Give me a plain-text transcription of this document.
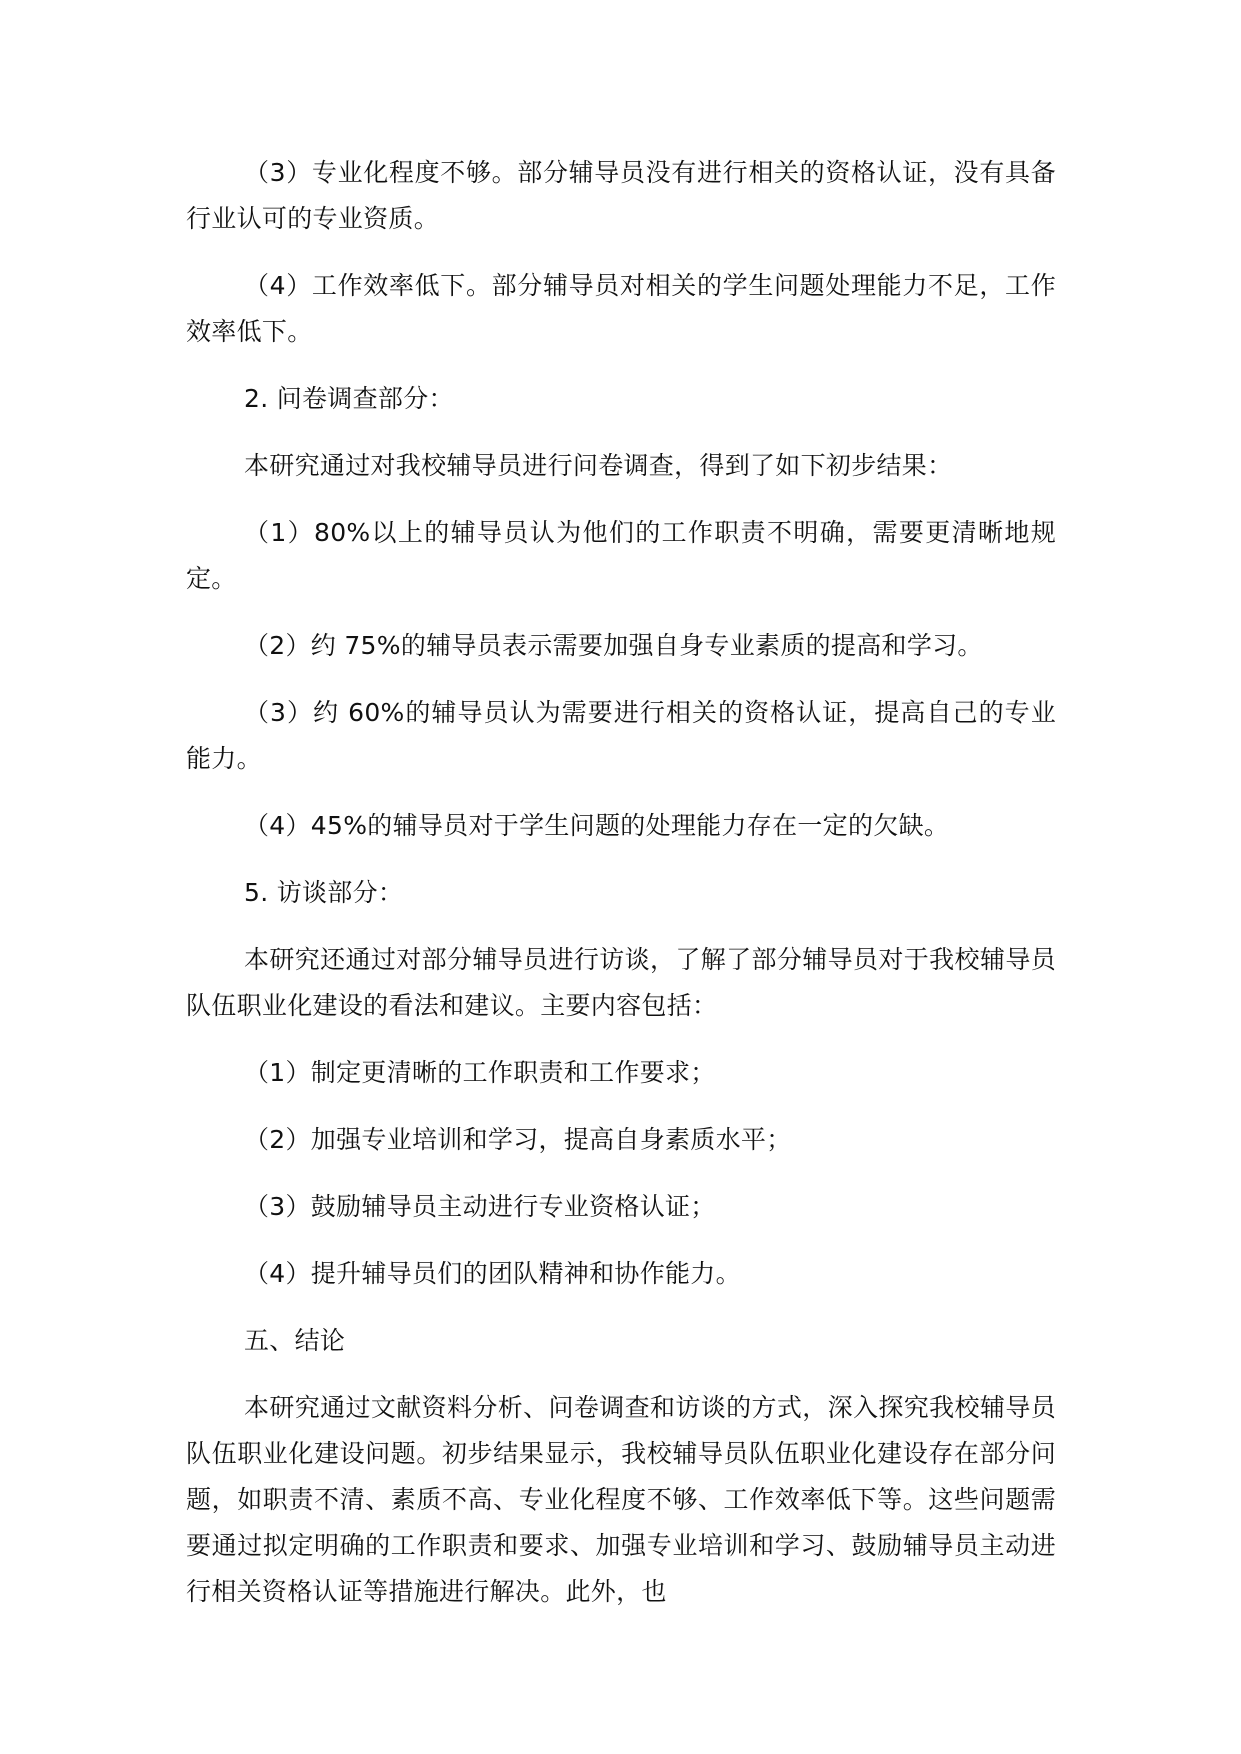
（3）专业化程度不够。部分辅导员没有进行相关的资格认证，没有具备行业认可的专业资质。

（4）工作效率低下。部分辅导员对相关的学生问题处理能力不足，工作效率低下。

2. 问卷调查部分：

本研究通过对我校辅导员进行问卷调查，得到了如下初步结果：

（1）80%以上的辅导员认为他们的工作职责不明确，需要更清晰地规定。

（2）约 75%的辅导员表示需要加强自身专业素质的提高和学习。

（3）约 60%的辅导员认为需要进行相关的资格认证，提高自己的专业能力。

（4）45%的辅导员对于学生问题的处理能力存在一定的欠缺。

5. 访谈部分：

本研究还通过对部分辅导员进行访谈，了解了部分辅导员对于我校辅导员队伍职业化建设的看法和建议。主要内容包括：

（1）制定更清晰的工作职责和工作要求；

（2）加强专业培训和学习，提高自身素质水平；

（3）鼓励辅导员主动进行专业资格认证；

（4）提升辅导员们的团队精神和协作能力。

五、结论

本研究通过文献资料分析、问卷调查和访谈的方式，深入探究我校辅导员队伍职业化建设问题。初步结果显示，我校辅导员队伍职业化建设存在部分问题，如职责不清、素质不高、专业化程度不够、工作效率低下等。这些问题需要通过拟定明确的工作职责和要求、加强专业培训和学习、鼓励辅导员主动进行相关资格认证等措施进行解决。此外，也
